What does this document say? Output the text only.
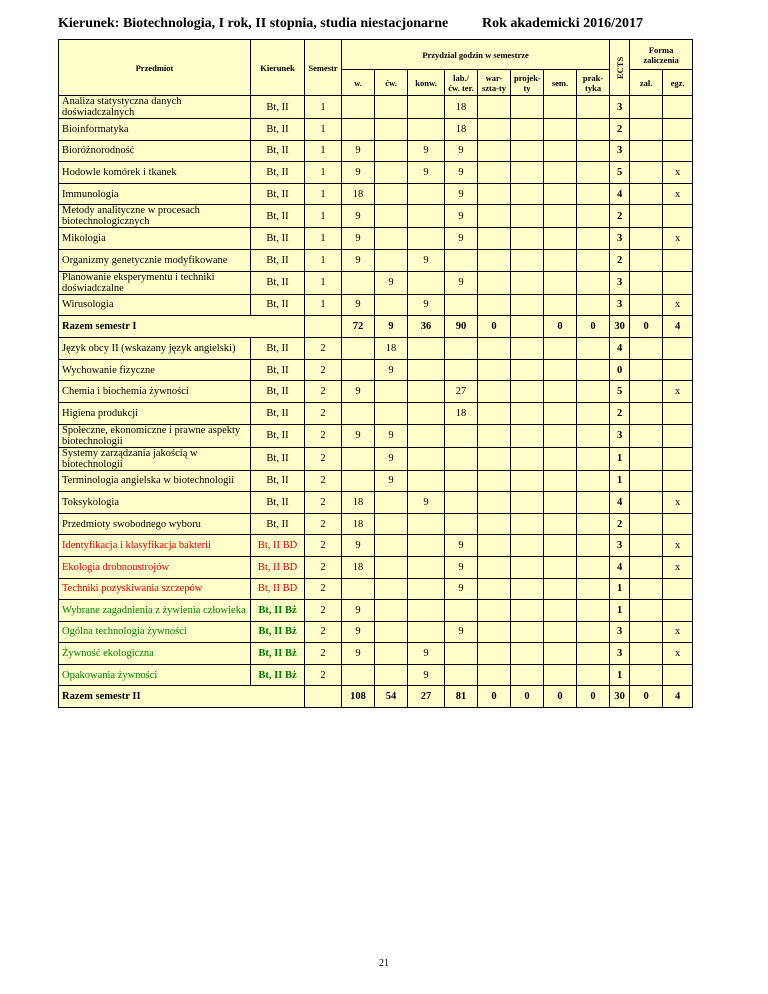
Kierunek: Biotechnologia, I rok, II stopnia, studia niestacjonarne Rok akademicki 2016/2017
Przedmiot	Kierunek	Semestr	Przydział godzin w semestrze								ECTS	Forma zaliczenia	
			w.	ćw.	konw.	lab./ ćw. ter.	war-szta-ty	projek-ty	sem.	prak-tyka		zal.	egz.
Analiza statystyczna danych doświadczalnych	Bt, II	1				18					3		
Bioinformatyka	Bt, II	1				18					2		
Bioróżnorodność	Bt, II	1	9		9	9					3		
Hodowle komórek i tkanek	Bt, II	1	9		9	9					5		x
Immunologia	Bt, II	1	18			9					4		x
Metody analityczne w procesach biotechnologicznych	Bt, II	1	9			9					2		
Mikologia	Bt, II	1	9			9					3		x
Organizmy genetycznie modyfikowane	Bt, II	1	9		9						2		
Planowanie eksperymentu i techniki doświadczalne	Bt, II	1		9		9					3		
Wirusologia	Bt, II	1	9		9						3		x
Razem semestr I			72	9	36	90	0		0	0	30	0	4
Język obcy II (wskazany język angielski)	Bt, II	2		18							4		
Wychowanie fizyczne	Bt, II	2		9							0		
Chemia i biochemia żywności	Bt, II	2	9			27					5		x
Higiena produkcji	Bt, II	2				18					2		
Społeczne, ekonomiczne i prawne aspekty biotechnologii	Bt, II	2	9	9							3		
Systemy zarządzania jakością w biotechnologii	Bt, II	2		9							1		
Terminologia angielska w biotechnologii	Bt, II	2		9							1		
Toksykologia	Bt, II	2	18		9						4		x
Przedmioty swobodnego wyboru	Bt, II	2	18								2		
Identyfikacja i klasyfikacja bakterii	Bt, II BD	2	9			9					3		x
Ekologia drobnoustrojów	Bt, II BD	2	18			9					4		x
Techniki pozyskiwania szczepów	Bt, II BD	2				9					1		
Wybrane zagadnienia z żywienia człowieka	Bt, II Bż	2	9								1		
Ogólna technologia żywności	Bt, II Bż	2	9			9					3		x
Żywność ekologiczna	Bt, II Bż	2	9		9						3		x
Opakowania żywności	Bt, II Bż	2			9						1		
Razem semestr II			108	54	27	81	0	0	0	0	30	0	4
21
